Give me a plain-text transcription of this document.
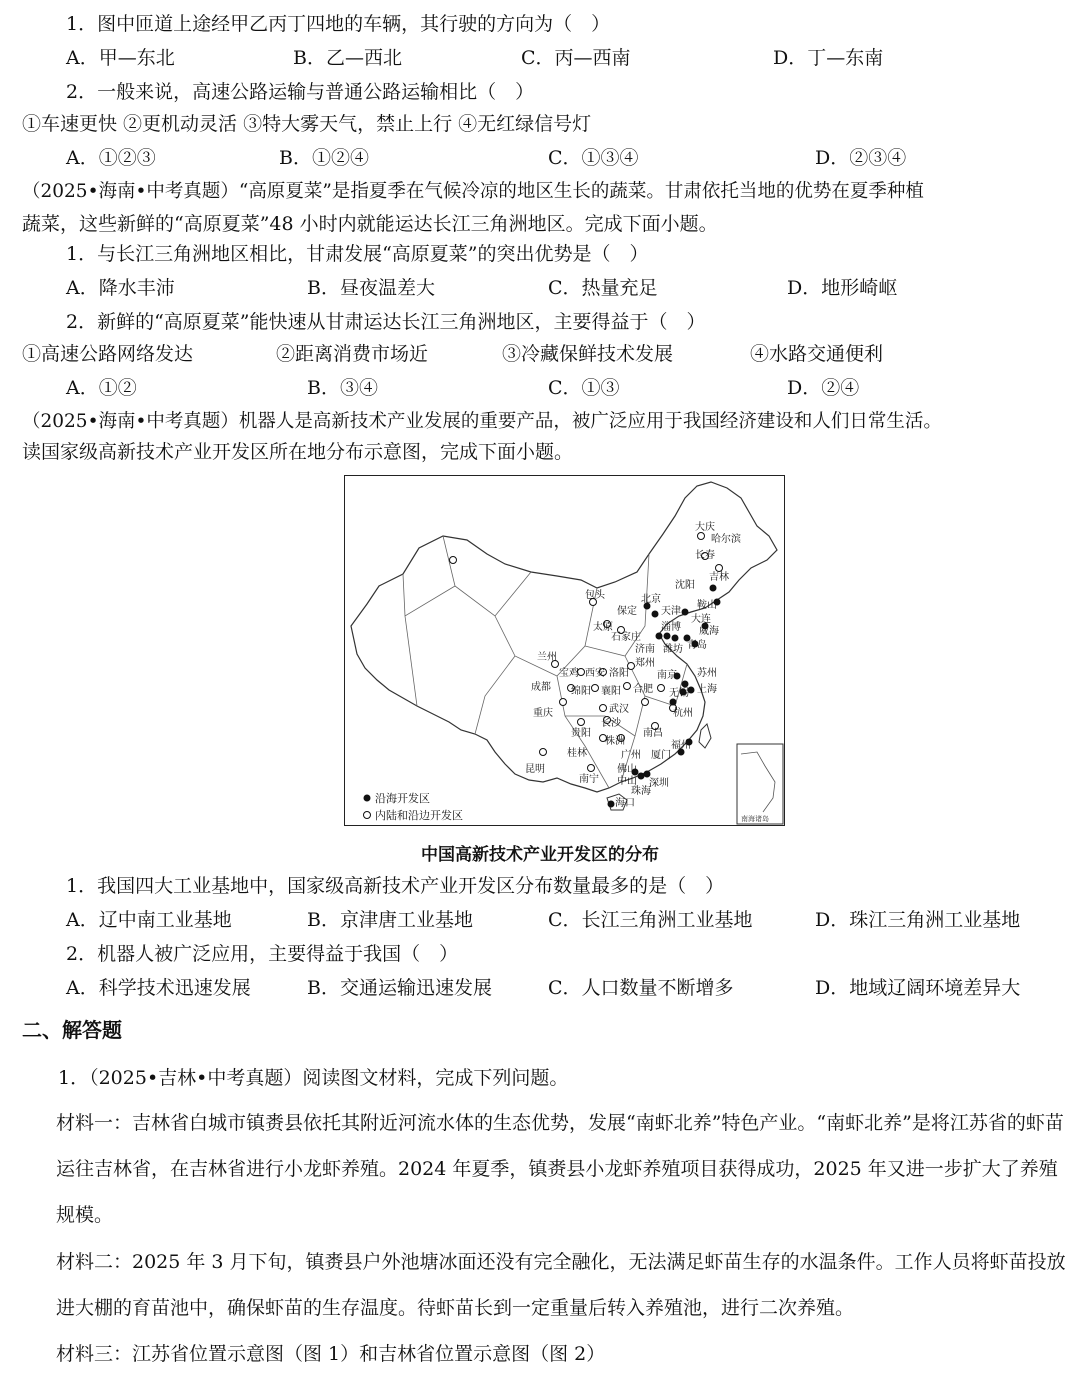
1．图中匝道上途经甲乙丙丁四地的车辆，其行驶的方向为（　）
A．甲—东北	B．乙—西北	C．丙—西南	D．丁—东南
2．一般来说，高速公路运输与普通公路运输相比（　）
①车速更快 ②更机动灵活 ③特大雾天气，禁止上行 ④无红绿信号灯
A．①②③	B．①②④	C．①③④	D．②③④
（2025•海南•中考真题）“高原夏菜”是指夏季在气候冷凉的地区生长的蔬菜。甘肃依托当地的优势在夏季种植
蔬菜，这些新鲜的“高原夏菜”48 小时内就能运达长江三角洲地区。完成下面小题。
1．与长江三角洲地区相比，甘肃发展“高原夏菜”的突出优势是（　）
A．降水丰沛	B．昼夜温差大	C．热量充足	D．地形崎岖
2．新鲜的“高原夏菜”能快速从甘肃运达长江三角洲地区，主要得益于（　）
①高速公路网络发达	②距离消费市场近	③冷藏保鲜技术发展	④水路交通便利
A．①②	B．③④	C．①③	D．②④
（2025•海南•中考真题）机器人是高新技术产业发展的重要产品，被广泛应用于我国经济建设和人们日常生活。
读国家级高新技术产业开发区所在地分布示意图，完成下面小题。
南海诸岛
大庆
哈尔滨
长春
吉林
沈阳
鞍山
包头	北京
保定 天津
大连
太原
石家庄
淄博 威海
济南 潍坊 青岛
兰州
郑州
宝鸡 西安 洛阳	南京 苏州
成都 绵阳 襄阳 合肥 无锡 上海
重庆	武汉	杭州
长沙
贵阳
株洲
南昌
福州
桂林	广州 厦门
昆明	佛山
南宁 中山 深圳
珠海
海口
沿海开发区
内陆和沿边开发区
中国高新技术产业开发区的分布
1．我国四大工业基地中，国家级高新技术产业开发区分布数量最多的是（　）
A．辽中南工业基地	B．京津唐工业基地	C．长江三角洲工业基地	D．珠江三角洲工业基地
2．机器人被广泛应用，主要得益于我国（　）
A．科学技术迅速发展	B．交通运输迅速发展	C．人口数量不断增多	D．地域辽阔环境差异大
二、解答题
1．（2025•吉林•中考真题）阅读图文材料，完成下列问题。
材料一：吉林省白城市镇赉县依托其附近河流水体的生态优势，发展“南虾北养”特色产业。“南虾北养”是将江苏省的虾苗运往吉林省，在吉林省进行小龙虾养殖。2024 年夏季，镇赉县小龙虾养殖项目获得成功，2025 年又进一步扩大了养殖规模。
材料二：2025 年 3 月下旬，镇赉县户外池塘冰面还没有完全融化，无法满足虾苗生存的水温条件。工作人员将虾苗投放进大棚的育苗池中，确保虾苗的生存温度。待虾苗长到一定重量后转入养殖池，进行二次养殖。
材料三：江苏省位置示意图（图 1）和吉林省位置示意图（图 2）
